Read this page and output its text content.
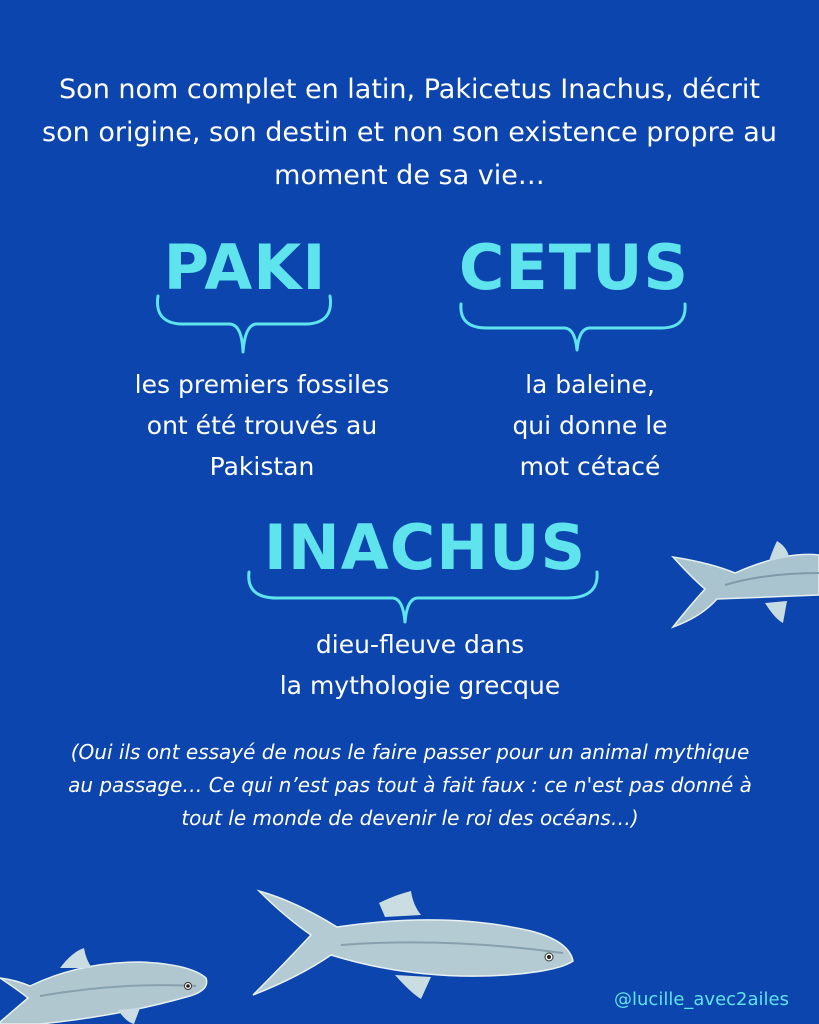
Son nom complet en latin, Pakicetus Inachus, décrit son origine, son destin et non son existence propre au moment de sa vie…
PAKI
les premiers fossiles
ont été trouvés au
Pakistan
CETUS
la baleine,
qui donne le
mot cétacé
INACHUS
dieu-fleuve dans
la mythologie grecque
(Oui ils ont essayé de nous le faire passer pour un animal mythique au passage… Ce qui n’est pas tout à fait faux : ce n'est pas donné à tout le monde de devenir le roi des océans…)
@lucille_avec2ailes
